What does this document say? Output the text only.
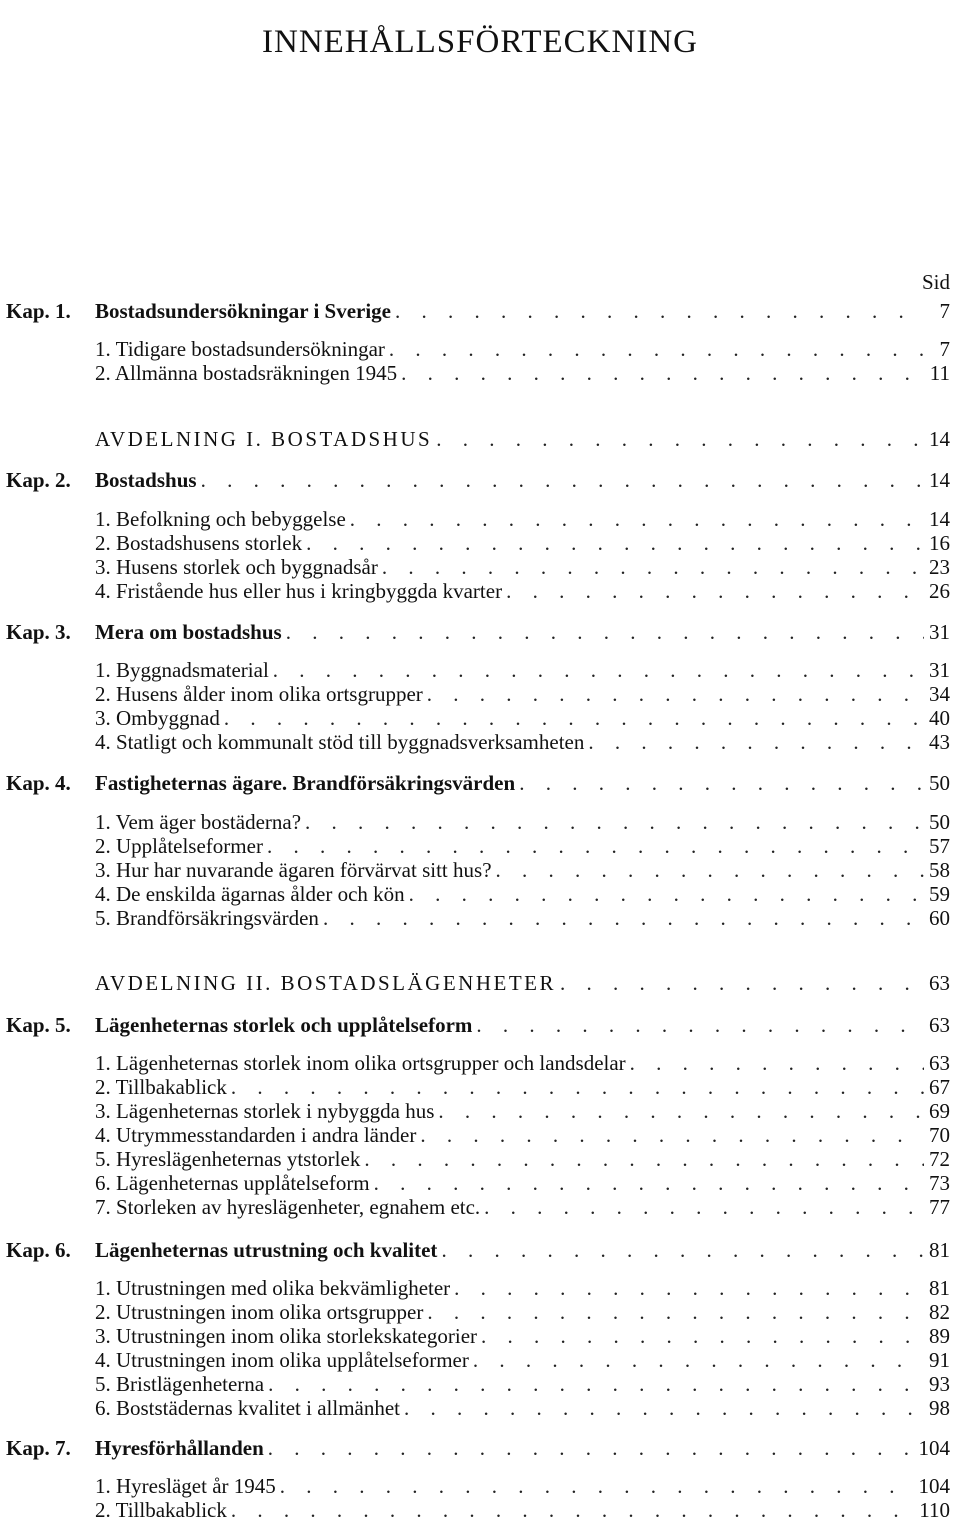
INNEHÅLLSFÖRTECKNING
Sid
Kap. 1. Bostadsundersökningar i Sverige . . .	7
1. Tidigare bostadsundersökningar . . .	7
2. Allmänna bostadsräkningen 1945 . . .	11
AVDELNING I. BOSTADSHUS . . .	14
Kap. 2. Bostadshus . . .	14
1. Befolkning och bebyggelse . . .	14
2. Bostadshusens storlek . . .	16
3. Husens storlek och byggnadsår . . .	23
4. Fristående hus eller hus i kringbyggda kvarter . . .	26
Kap. 3. Mera om bostadshus . . .	31
1. Byggnadsmaterial . . .	31
2. Husens ålder inom olika ortsgrupper . . .	34
3. Ombyggnad . . .	40
4. Statligt och kommunalt stöd till byggnadsverksamheten . . .	43
Kap. 4. Fastigheternas ägare. Brandförsäkringsvärden . . .	50
1. Vem äger bostäderna? . . .	50
2. Upplåtelseformer . . .	57
3. Hur har nuvarande ägaren förvärvat sitt hus? . . .	58
4. De enskilda ägarnas ålder och kön . . .	59
5. Brandförsäkringsvärden . . .	60
AVDELNING II. BOSTADSLÄGENHETER . . .	63
Kap. 5. Lägenheternas storlek och upplåtelseform . . .	63
1. Lägenheternas storlek inom olika ortsgrupper och landsdelar . . .	63
2. Tillbakablick . . .	67
3. Lägenheternas storlek i nybyggda hus . . .	69
4. Utrymmesstandarden i andra länder . . .	70
5. Hyreslägenheternas ytstorlek . . .	72
6. Lägenheternas upplåtelseform . . .	73
7. Storleken av hyreslägenheter, egnahem etc. . . .	77
Kap. 6. Lägenheternas utrustning och kvalitet . . .	81
1. Utrustningen med olika bekvämligheter . . .	81
2. Utrustningen inom olika ortsgrupper . . .	82
3. Utrustningen inom olika storlekskategorier . . .	89
4. Utrustningen inom olika upplåtelseformer . . .	91
5. Bristlägenheterna . . .	93
6. Boststädernas kvalitet i allmänhet . . .	98
Kap. 7. Hyresförhållanden . . .	104
1. Hyresläget år 1945 . . .	104
2. Tillbakablick . . .	110
